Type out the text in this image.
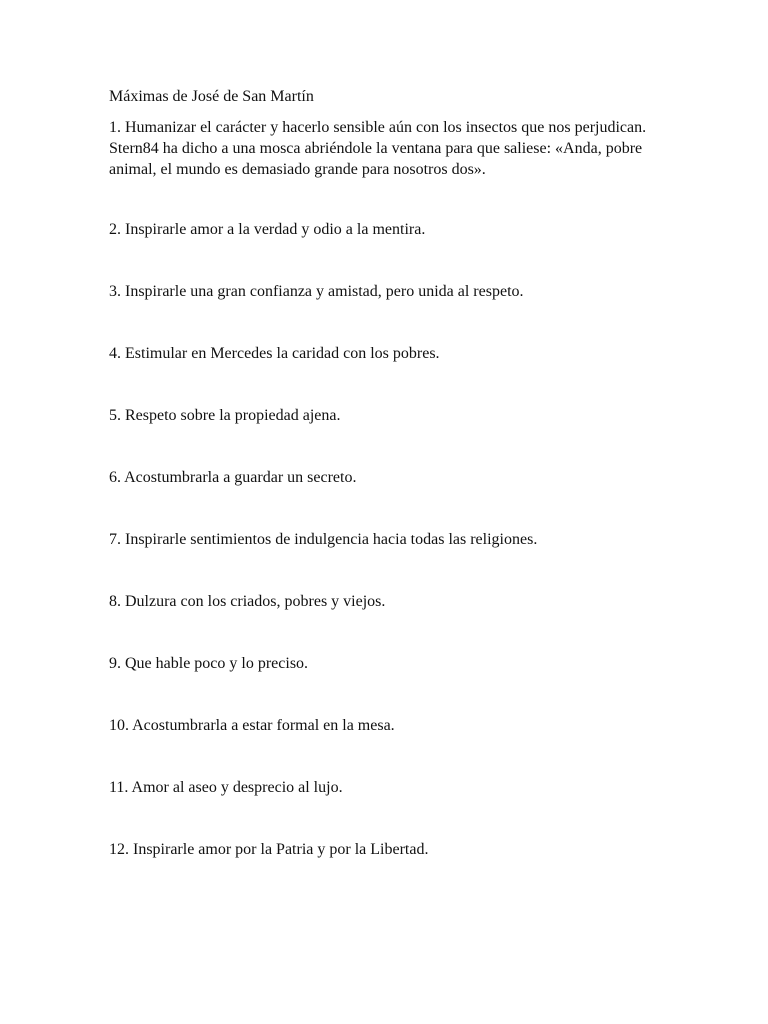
Máximas de José de San Martín

1. Humanizar el carácter y hacerlo sensible aún con los insectos que nos perjudican. Stern84 ha dicho a una mosca abriéndole la ventana para que saliese: «Anda, pobre animal, el mundo es demasiado grande para nosotros dos».

2. Inspirarle amor a la verdad y odio a la mentira.

3. Inspirarle una gran confianza y amistad, pero unida al respeto.

4. Estimular en Mercedes la caridad con los pobres.

5. Respeto sobre la propiedad ajena.

6. Acostumbrarla a guardar un secreto.

7. Inspirarle sentimientos de indulgencia hacia todas las religiones.

8. Dulzura con los criados, pobres y viejos.

9. Que hable poco y lo preciso.

10. Acostumbrarla a estar formal en la mesa.

11. Amor al aseo y desprecio al lujo.

12. Inspirarle amor por la Patria y por la Libertad.
